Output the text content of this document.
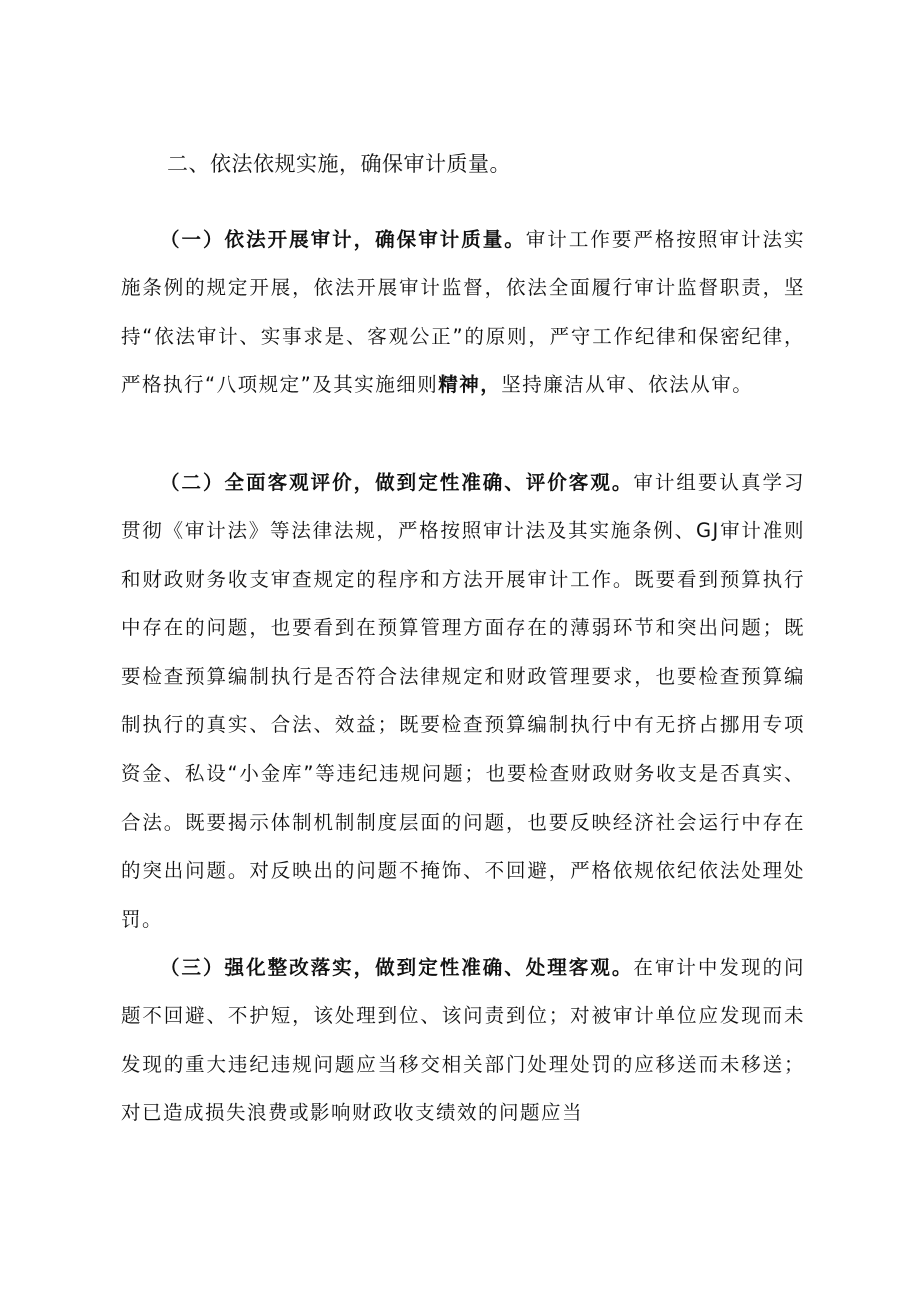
二、依法依规实施，确保审计质量。

（一）依法开展审计，确保审计质量。审计工作要严格按照审计法实施条例的规定开展，依法开展审计监督，依法全面履行审计监督职责，坚持“依法审计、实事求是、客观公正”的原则，严守工作纪律和保密纪律，严格执行“八项规定”及其实施细则精神，坚持廉洁从审、依法从审。

（二）全面客观评价，做到定性准确、评价客观。审计组要认真学习贯彻《审计法》等法律法规，严格按照审计法及其实施条例、GJ审计准则和财政财务收支审查规定的程序和方法开展审计工作。既要看到预算执行中存在的问题，也要看到在预算管理方面存在的薄弱环节和突出问题；既要检查预算编制执行是否符合法律规定和财政管理要求，也要检查预算编制执行的真实、合法、效益；既要检查预算编制执行中有无挤占挪用专项资金、私设“小金库”等违纪违规问题；也要检查财政财务收支是否真实、合法。既要揭示体制机制制度层面的问题，也要反映经济社会运行中存在的突出问题。对反映出的问题不掩饰、不回避，严格依规依纪依法处理处罚。

（三）强化整改落实，做到定性准确、处理客观。在审计中发现的问题不回避、不护短，该处理到位、该问责到位；对被审计单位应发现而未发现的重大违纪违规问题应当移交相关部门处理处罚的应移送而未移送；对已造成损失浪费或影响财政收支绩效的问题应当
